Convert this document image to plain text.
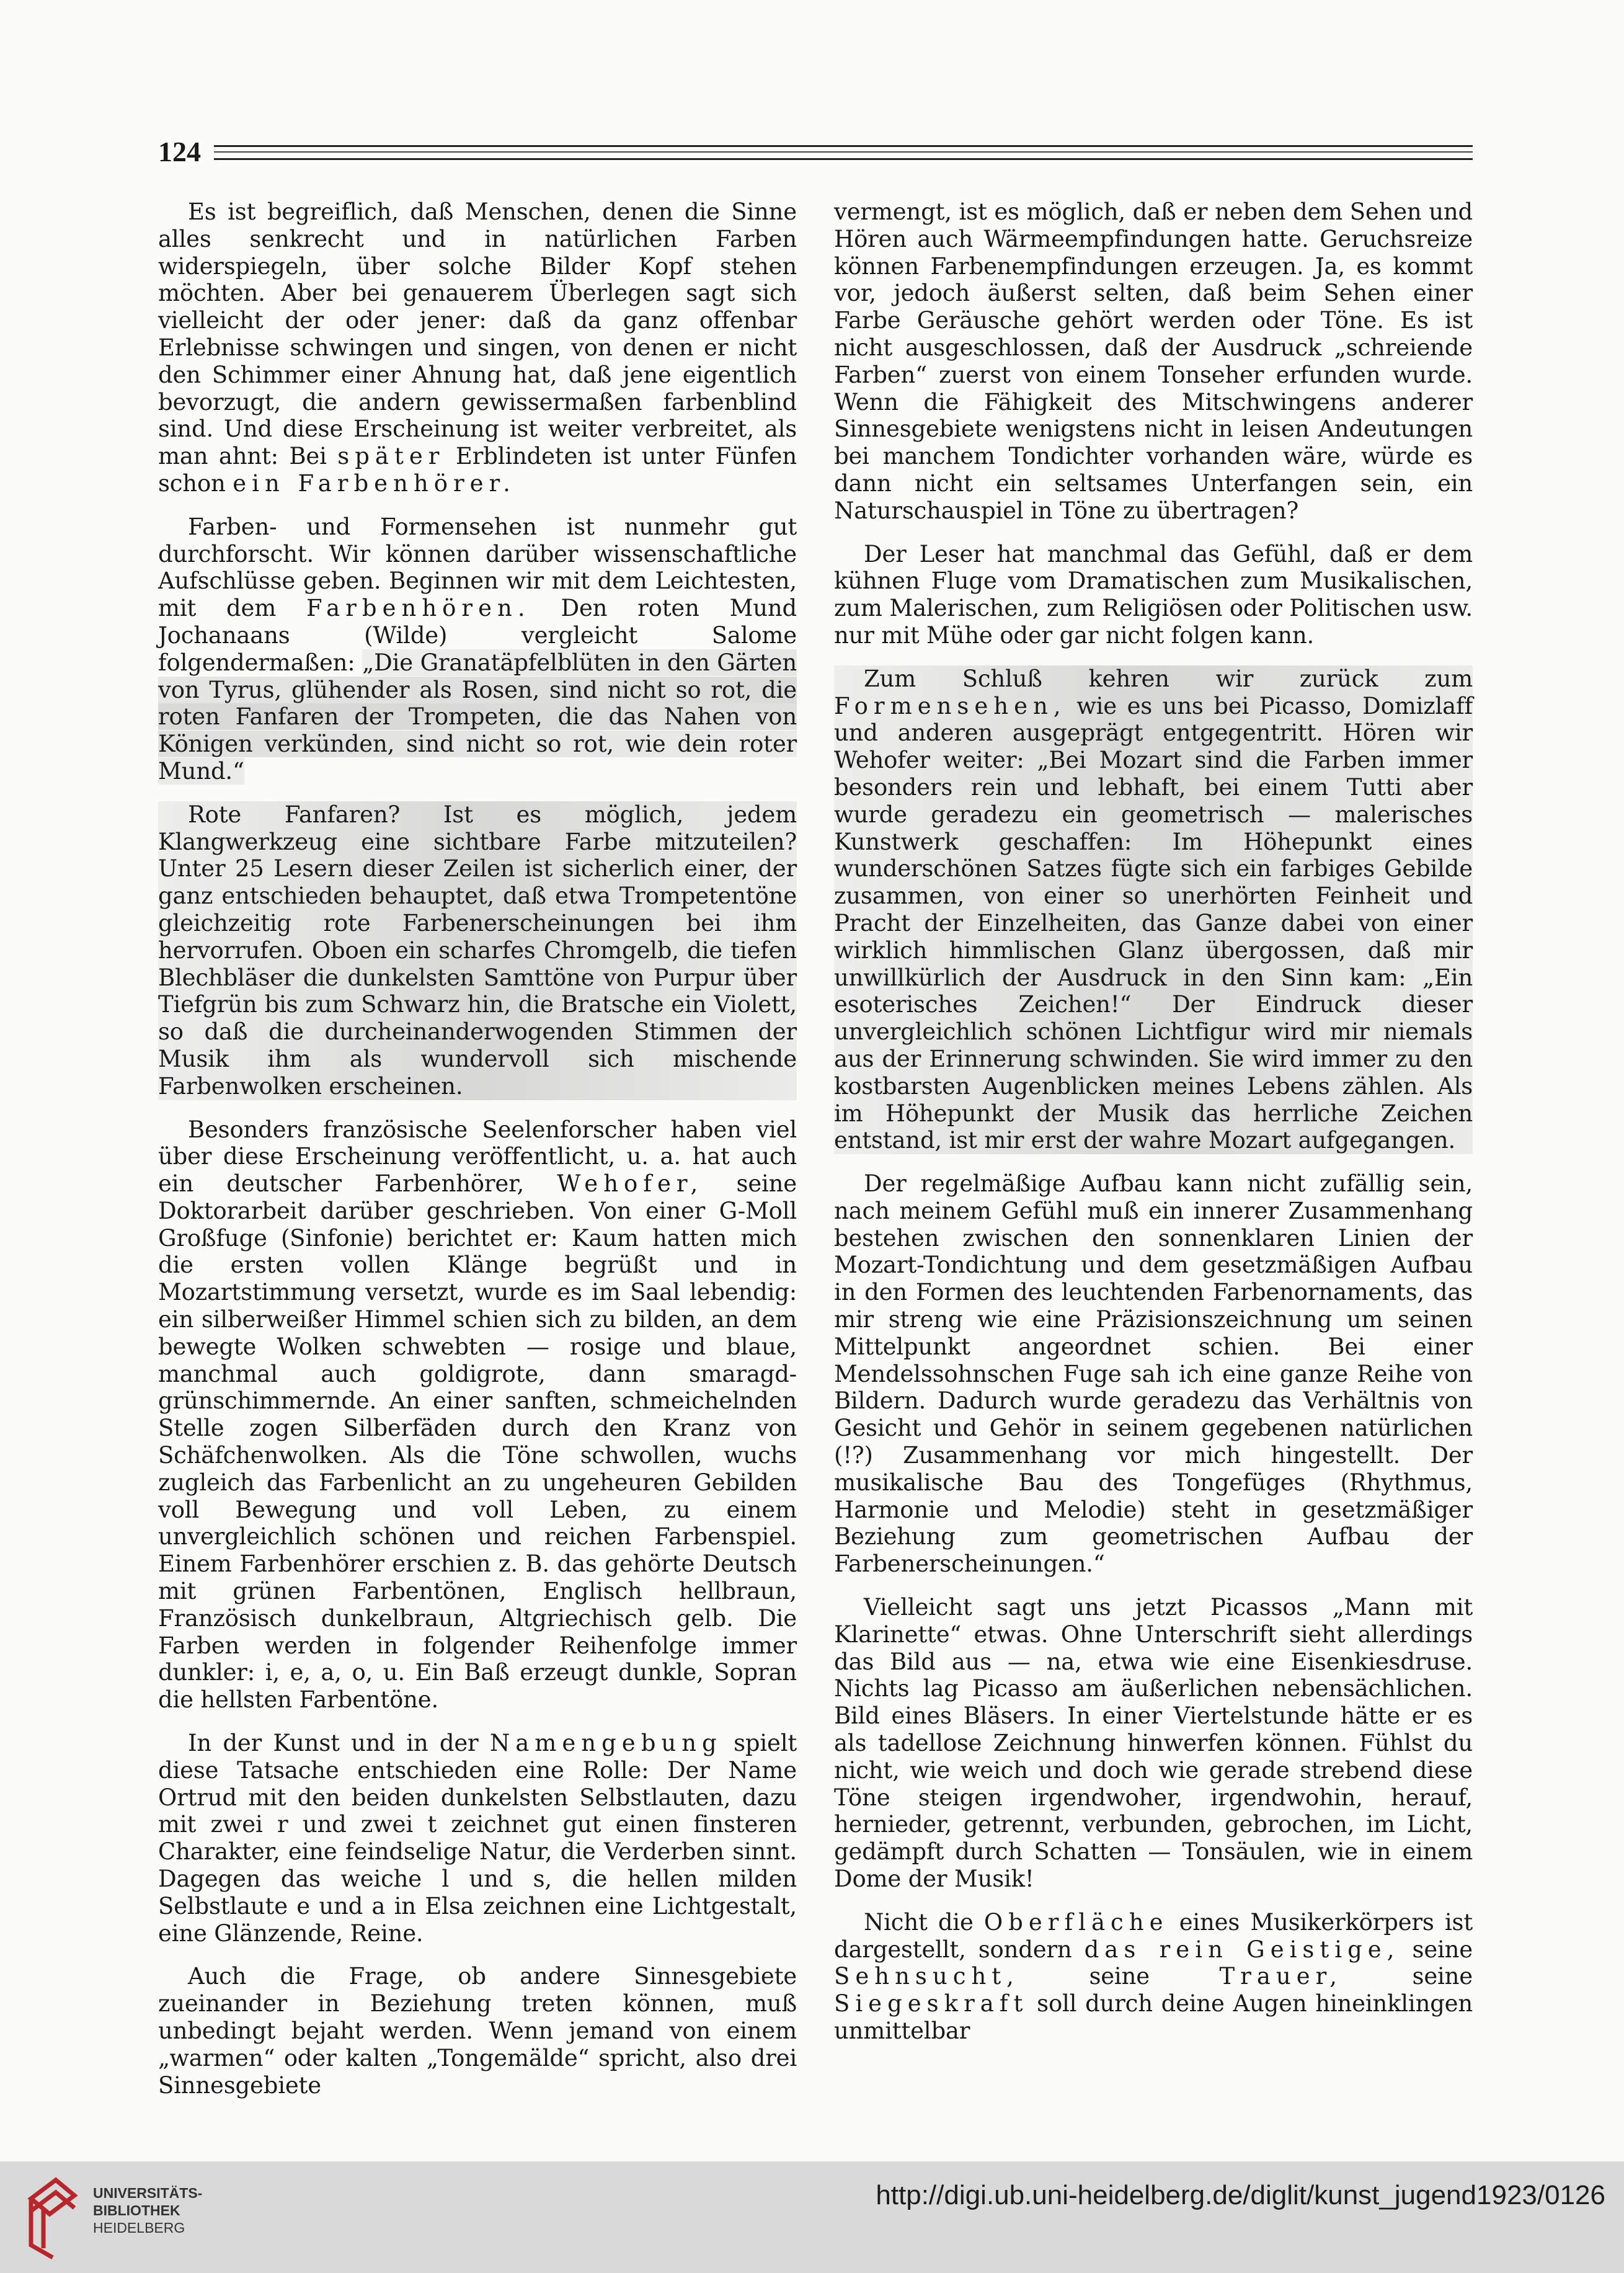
124

Es ist begreiflich, daß Menschen, denen die Sinne alles senkrecht und in natürlichen Farben widerspiegeln, über solche Bilder Kopf stehen möchten. Aber bei genauerem Überlegen sagt sich vielleicht der oder jener: daß da ganz offenbar Erlebnisse schwingen und singen, von denen er nicht den Schimmer einer Ahnung hat, daß jene eigentlich bevorzugt, die andern gewissermaßen farbenblind sind. Und diese Erscheinung ist weiter verbreitet, als man ahnt: Bei später Erblindeten ist unter Fünfen schon ein Farbenhörer.

Farben- und Formensehen ist nunmehr gut durchforscht. Wir können darüber wissenschaftliche Aufschlüsse geben. Beginnen wir mit dem Leichtesten, mit dem Farbenhören. Den roten Mund Jochanaans (Wilde) vergleicht Salome folgendermaßen: „Die Granatäpfelblüten in den Gärten von Tyrus, glühender als Rosen, sind nicht so rot, die roten Fanfaren der Trompeten, die das Nahen von Königen verkünden, sind nicht so rot, wie dein roter Mund.“

Rote Fanfaren? Ist es möglich, jedem Klangwerkzeug eine sichtbare Farbe mitzuteilen? Unter 25 Lesern dieser Zeilen ist sicherlich einer, der ganz entschieden behauptet, daß etwa Trompetentöne gleichzeitig rote Farbenerscheinungen bei ihm hervorrufen. Oboen ein scharfes Chromgelb, die tiefen Blechbläser die dunkelsten Samttöne von Purpur über Tiefgrün bis zum Schwarz hin, die Bratsche ein Violett, so daß die durcheinanderwogenden Stimmen der Musik ihm als wundervoll sich mischende Farbenwolken erscheinen.

Besonders französische Seelenforscher haben viel über diese Erscheinung veröffentlicht, u. a. hat auch ein deutscher Farbenhörer, Wehofer, seine Doktorarbeit darüber geschrieben. Von einer G-Moll Großfuge (Sinfonie) berichtet er: Kaum hatten mich die ersten vollen Klänge begrüßt und in Mozartstimmung versetzt, wurde es im Saal lebendig: ein silberweißer Himmel schien sich zu bilden, an dem bewegte Wolken schwebten — rosige und blaue, manchmal auch goldigrote, dann smaragd-grünschimmernde. An einer sanften, schmeichelnden Stelle zogen Silberfäden durch den Kranz von Schäfchenwolken. Als die Töne schwollen, wuchs zugleich das Farbenlicht an zu ungeheuren Gebilden voll Bewegung und voll Leben, zu einem unvergleichlich schönen und reichen Farbenspiel. Einem Farbenhörer erschien z. B. das gehörte Deutsch mit grünen Farbentönen, Englisch hellbraun, Französisch dunkelbraun, Altgriechisch gelb. Die Farben werden in folgender Reihenfolge immer dunkler: i, e, a, o, u. Ein Baß erzeugt dunkle, Sopran die hellsten Farbentöne.

In der Kunst und in der Namengebung spielt diese Tatsache entschieden eine Rolle: Der Name Ortrud mit den beiden dunkelsten Selbstlauten, dazu mit zwei r und zwei t zeichnet gut einen finsteren Charakter, eine feindselige Natur, die Verderben sinnt. Dagegen das weiche l und s, die hellen milden Selbstlaute e und a in Elsa zeichnen eine Lichtgestalt, eine Glänzende, Reine.

Auch die Frage, ob andere Sinnesgebiete zueinander in Beziehung treten können, muß unbedingt bejaht werden. Wenn jemand von einem „warmen“ oder kalten „Tongemälde“ spricht, also drei Sinnesgebiete

vermengt, ist es möglich, daß er neben dem Sehen und Hören auch Wärmeempfindungen hatte. Geruchsreize können Farbenempfindungen erzeugen. Ja, es kommt vor, jedoch äußerst selten, daß beim Sehen einer Farbe Geräusche gehört werden oder Töne. Es ist nicht ausgeschlossen, daß der Ausdruck „schreiende Farben“ zuerst von einem Tonseher erfunden wurde. Wenn die Fähigkeit des Mitschwingens anderer Sinnesgebiete wenigstens nicht in leisen Andeutungen bei manchem Tondichter vorhanden wäre, würde es dann nicht ein seltsames Unterfangen sein, ein Naturschauspiel in Töne zu übertragen?

Der Leser hat manchmal das Gefühl, daß er dem kühnen Fluge vom Dramatischen zum Musikalischen, zum Malerischen, zum Religiösen oder Politischen usw. nur mit Mühe oder gar nicht folgen kann.

Zum Schluß kehren wir zurück zum Formensehen, wie es uns bei Picasso, Domizlaff und anderen ausgeprägt entgegentritt. Hören wir Wehofer weiter: „Bei Mozart sind die Farben immer besonders rein und lebhaft, bei einem Tutti aber wurde geradezu ein geometrisch — malerisches Kunstwerk geschaffen: Im Höhepunkt eines wunderschönen Satzes fügte sich ein farbiges Gebilde zusammen, von einer so unerhörten Feinheit und Pracht der Einzelheiten, das Ganze dabei von einer wirklich himmlischen Glanz übergossen, daß mir unwillkürlich der Ausdruck in den Sinn kam: „Ein esoterisches Zeichen!“ Der Eindruck dieser unvergleichlich schönen Lichtfigur wird mir niemals aus der Erinnerung schwinden. Sie wird immer zu den kostbarsten Augenblicken meines Lebens zählen. Als im Höhepunkt der Musik das herrliche Zeichen entstand, ist mir erst der wahre Mozart aufgegangen.

Der regelmäßige Aufbau kann nicht zufällig sein, nach meinem Gefühl muß ein innerer Zusammenhang bestehen zwischen den sonnenklaren Linien der Mozart-Tondichtung und dem gesetzmäßigen Aufbau in den Formen des leuchtenden Farbenornaments, das mir streng wie eine Präzisionszeichnung um seinen Mittelpunkt angeordnet schien. Bei einer Mendelssohnschen Fuge sah ich eine ganze Reihe von Bildern. Dadurch wurde geradezu das Verhältnis von Gesicht und Gehör in seinem gegebenen natürlichen (!?) Zusammenhang vor mich hingestellt. Der musikalische Bau des Tongefüges (Rhythmus, Harmonie und Melodie) steht in gesetzmäßiger Beziehung zum geometrischen Aufbau der Farbenerscheinungen.“

Vielleicht sagt uns jetzt Picassos „Mann mit Klarinette“ etwas. Ohne Unterschrift sieht allerdings das Bild aus — na, etwa wie eine Eisenkiesdruse. Nichts lag Picasso am äußerlichen nebensächlichen. Bild eines Bläsers. In einer Viertelstunde hätte er es als tadellose Zeichnung hinwerfen können. Fühlst du nicht, wie weich und doch wie gerade strebend diese Töne steigen irgendwoher, irgendwohin, herauf, hernieder, getrennt, verbunden, gebrochen, im Licht, gedämpft durch Schatten — Tonsäulen, wie in einem Dome der Musik!

Nicht die Oberfläche eines Musikerkörpers ist dargestellt, sondern das rein Geistige, seine Sehnsucht,	seine	Trauer,	seine Siegeskraft soll durch deine Augen hineinklingen unmittelbar

UNIVERSITÄTS-
BIBLIOTHEK
HEIDELBERG
http://digi.ub.uni-heidelberg.de/diglit/kunst_jugend1923/0126
